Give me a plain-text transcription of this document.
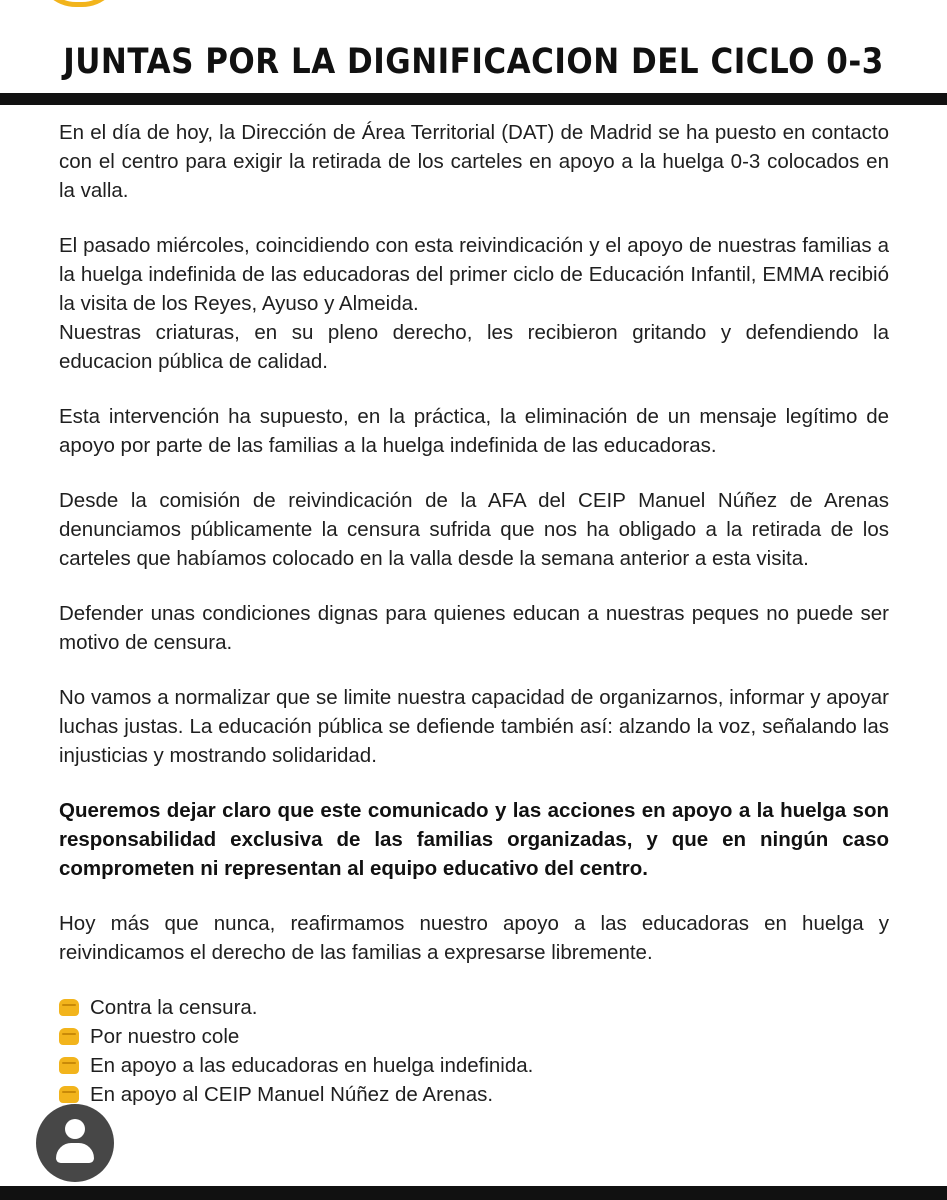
JUNTAS POR LA DIGNIFICACION DEL CICLO 0-3

En el día de hoy, la Dirección de Área Territorial (DAT) de Madrid se ha puesto en contacto con el centro para exigir la retirada de los carteles en apoyo a la huelga 0-3 colocados en la valla.

El pasado miércoles, coincidiendo con esta reivindicación y el apoyo de nuestras familias a la huelga indefinida de las educadoras del primer ciclo de Educación Infantil, EMMA recibió la visita de los Reyes, Ayuso y Almeida.

Nuestras criaturas, en su pleno derecho, les recibieron gritando y defendiendo la educacion pública de calidad.

Esta intervención ha supuesto, en la práctica, la eliminación de un mensaje legítimo de apoyo por parte de las familias a la huelga indefinida de las educadoras.

Desde la comisión de reivindicación de la AFA del CEIP Manuel Núñez de Arenas denunciamos públicamente la censura sufrida que nos ha obligado a la retirada de los carteles que habíamos colocado en la valla desde la semana anterior a esta visita.

Defender unas condiciones dignas para quienes educan a nuestras peques no puede ser motivo de censura.

No vamos a normalizar que se limite nuestra capacidad de organizarnos, informar y apoyar luchas justas. La educación pública se defiende también así: alzando la voz, señalando las injusticias y mostrando solidaridad.

Queremos dejar claro que este comunicado y las acciones en apoyo a la huelga son responsabilidad exclusiva de las familias organizadas, y que en ningún caso comprometen ni representan al equipo educativo del centro.

Hoy más que nunca, reafirmamos nuestro apoyo a las educadoras en huelga y reivindicamos el derecho de las familias a expresarse libremente.

Contra la censura.
Por nuestro cole
En apoyo a las educadoras en huelga indefinida.
En apoyo al CEIP Manuel Núñez de Arenas.
